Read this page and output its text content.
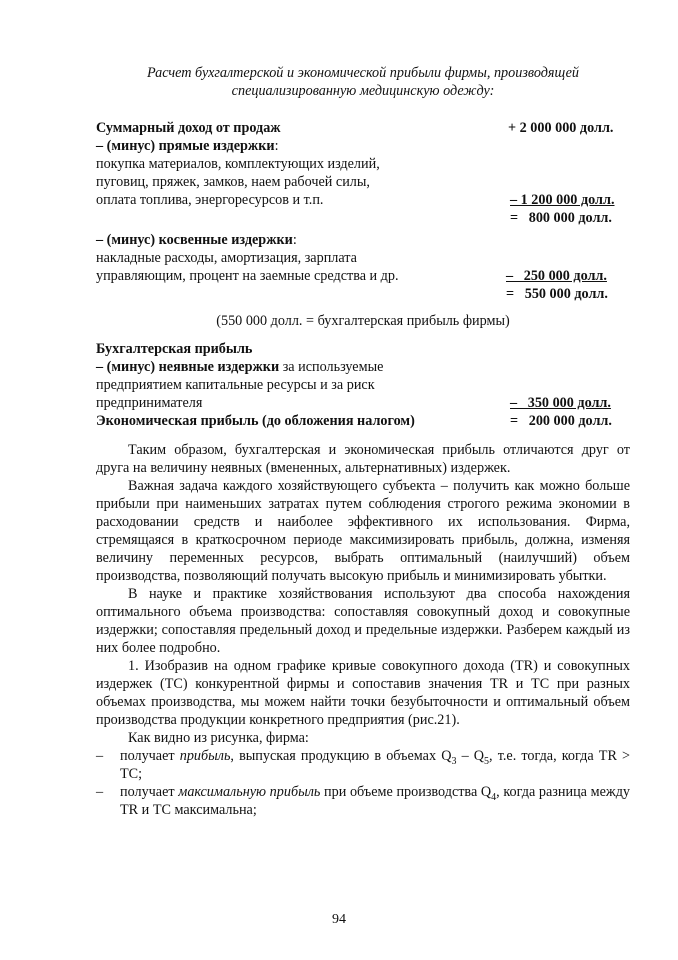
Расчет бухгалтерской и экономической прибыли фирмы, производящей
специализированную медицинскую одежду:
Суммарный доход от продаж	+ 2 000 000 долл.
– (минус) прямые издержки:
покупка материалов, комплектующих изделий,
пуговиц, пряжек, замков, наем рабочей силы,
оплата топлива, энергоресурсов и т.п.	– 1 200 000 долл.
=   800 000 долл.
– (минус) косвенные издержки:
накладные расходы, амортизация, зарплата
управляющим, процент на заемные средства и др.	–   250 000 долл.
=   550 000 долл.
(550 000 долл. = бухгалтерская прибыль фирмы)
Бухгалтерская прибыль
– (минус) неявные издержки за используемые
предприятием капитальные ресурсы и за риск
предпринимателя	–   350 000 долл.
Экономическая прибыль (до обложения налогом)	=   200 000 долл.

Таким образом, бухгалтерская и экономическая прибыль отличаются друг от друга на величину неявных (вмененных, альтернативных) издержек.

Важная задача каждого хозяйствующего субъекта – получить как можно больше прибыли при наименьших затратах путем соблюдения строгого режима экономии в расходовании средств и наиболее эффективного их использования. Фирма, стремящаяся в краткосрочном периоде максимизировать прибыль, должна, изменяя величину переменных ресурсов, выбрать оптимальный (наилучший) объем производства, позволяющий получать высокую прибыль и минимизировать убытки.

В науке и практике хозяйствования используют два способа нахождения оптимального объема производства: сопоставляя совокупный доход и совокупные издержки; сопоставляя предельный доход и предельные издержки. Разберем каждый из них более подробно.

1. Изобразив на одном графике кривые совокупного дохода (TR) и совокупных издержек (ТС) конкурентной фирмы и сопоставив значения TR и ТС при разных объемах производства, мы можем найти точки безубыточности и оптимальный объем производства продукции конкретного предприятия (рис.21).

Как видно из рисунка, фирма:

– получает прибыль, выпуская продукцию в объемах $Q_3 - Q_5$, т.е. тогда, когда TR > TC;
– получает максимальную прибыль при объеме производства $Q_4$, когда разница между TR и ТС максимальна;
94
